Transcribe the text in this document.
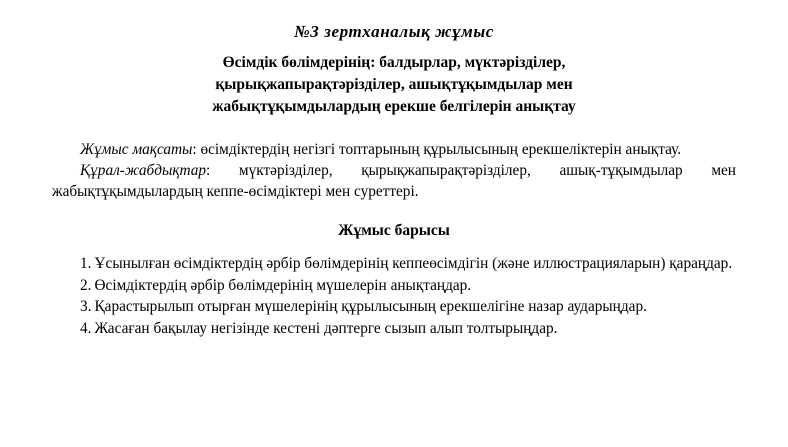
№3 зертханалық жұмыс
Өсімдік бөлімдерінің: балдырлар, мүктәрізділер,
қырықжапырақтәрізділер, ашықтұқымдылар мен
жабықтұқымдылардың ерекше белгілерін анықтау

Жұмыс мақсаты: өсімдіктердің негізгі топтарының құрылысының ерекшеліктерін анықтау.

Құрал-жабдықтар: мүктәріздiлер, қырықжапырақтәріздiлер, ашық-тұқымдылар мен жабықтұқымдылардың кеппе-өсімдіктері мен суреттері.

Жұмыс барысы

1. Ұсынылған өсімдіктердің әрбір бөлімдерінің кеппеөсімдігін (және иллюстрацияларын) қараңдар.

2. Өсімдіктердің әрбір бөлімдерінің мүшелерін анықтаңдар.

3. Қарастырылып отырған мүшелерінің құрылысының ерекшелігіне назар аударыңдар.

4. Жасаған бақылау негізінде кестені дәптерге сызып алып толтырыңдар.
